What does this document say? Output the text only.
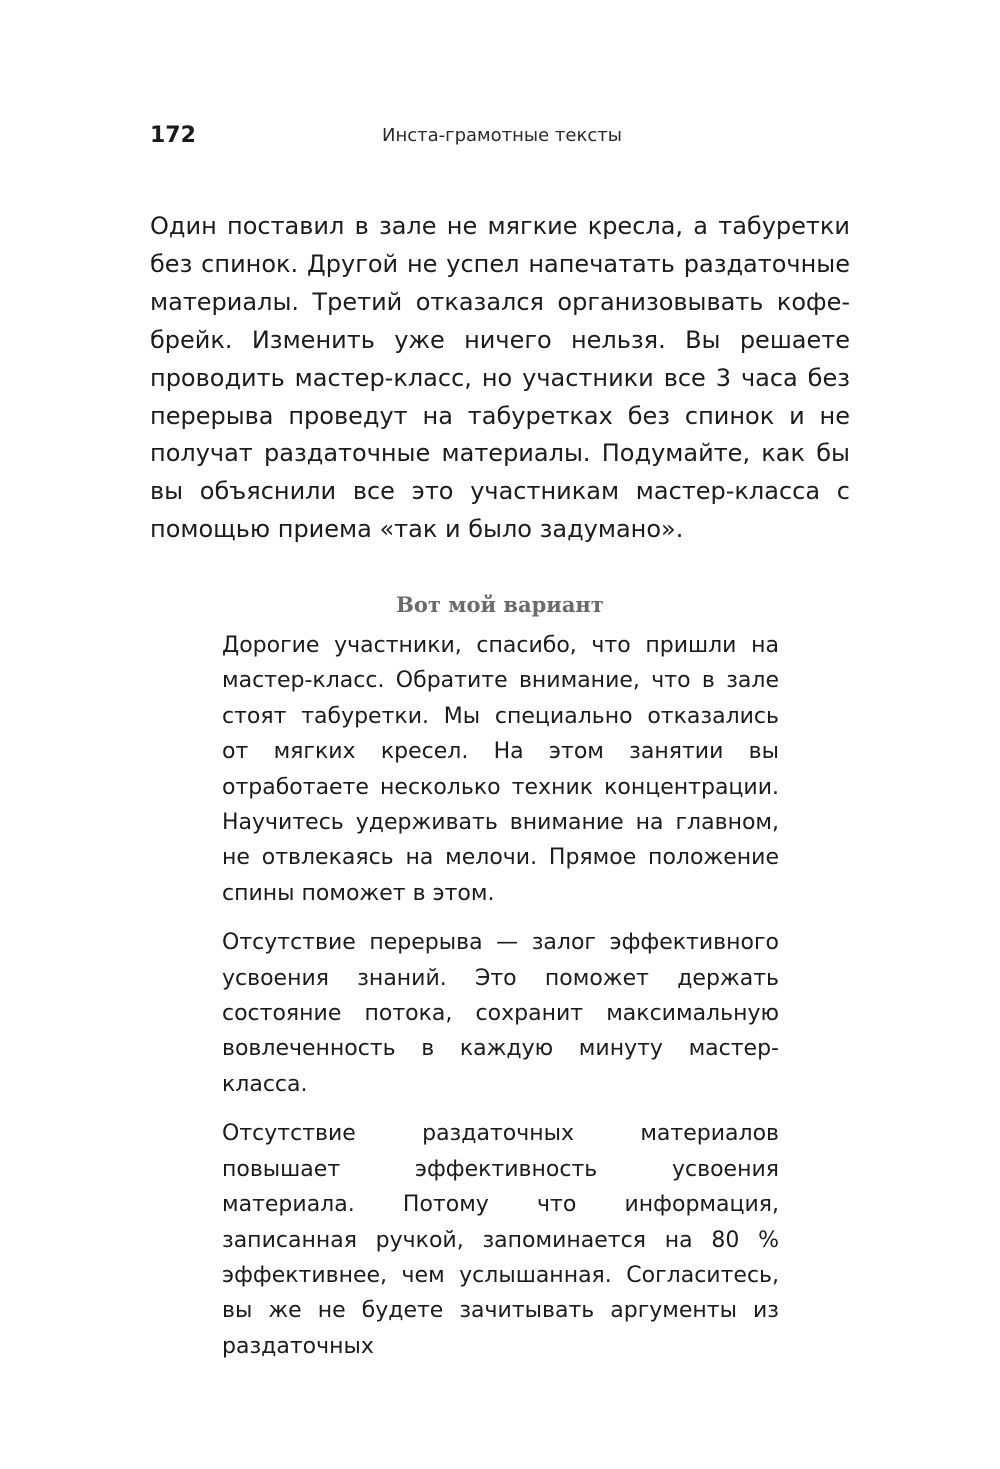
172	Инста-грамотные тексты

Один поставил в зале не мягкие кресла, а табуретки без спинок. Другой не успел напечатать раздаточные материалы. Третий отказался организовывать кофе-брейк. Изменить уже ничего нельзя. Вы решаете проводить мастер-класс, но участники все 3 часа без перерыва проведут на табуретках без спинок и не получат раздаточные материалы. Подумайте, как бы вы объяснили все это участникам мастер-класса с помощью приема «так и было задумано».

Вот мой вариант

Дорогие участники, спасибо, что пришли на мастер-класс. Обратите внимание, что в зале стоят табуретки. Мы специально отказались от мягких кресел. На этом занятии вы отработаете несколько техник концентрации. Научитесь удерживать внимание на главном, не отвлекаясь на мелочи. Прямое положение спины поможет в этом.

Отсутствие перерыва — залог эффективного усвоения знаний. Это поможет держать состояние потока, сохранит максимальную вовлеченность в каждую минуту мастер-класса.

Отсутствие раздаточных материалов повышает эффективность усвоения материала. Потому что информация, записанная ручкой, запоминается на 80 % эффективнее, чем услышанная. Согласитесь, вы же не будете зачитывать аргументы из раздаточных
